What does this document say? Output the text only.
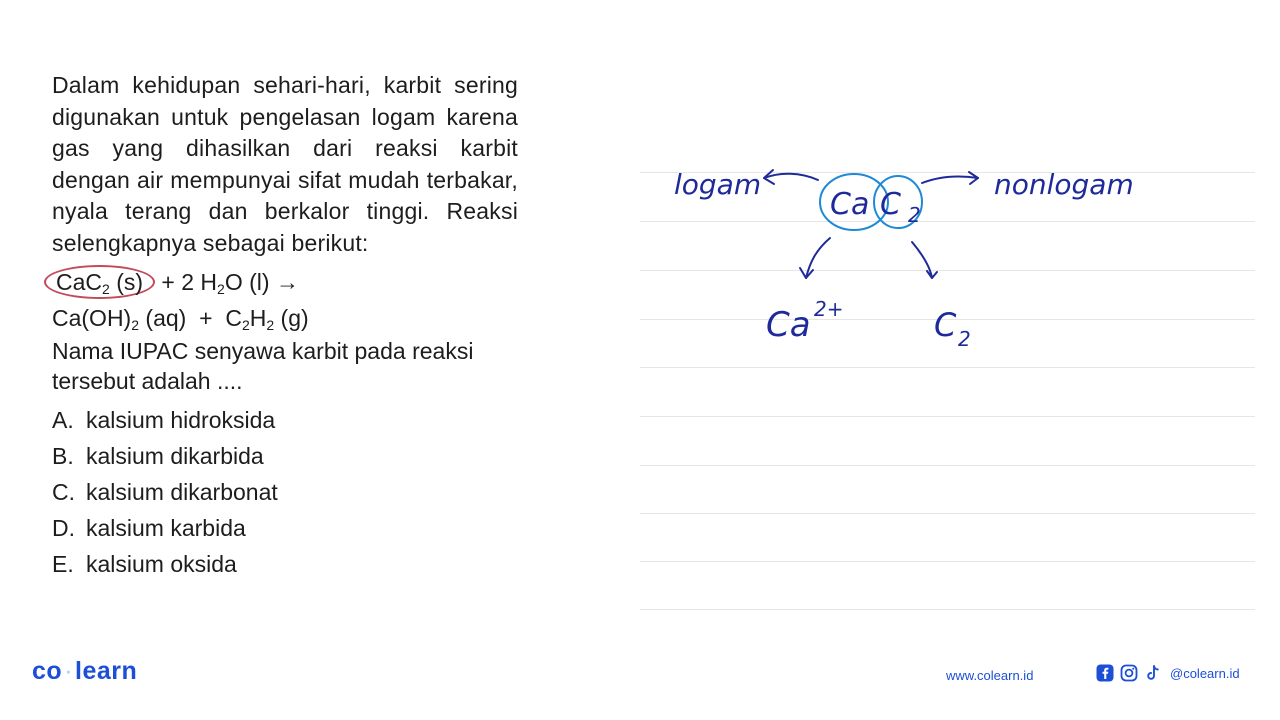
Dalam kehidupan sehari-hari, karbit sering digunakan untuk pengelasan logam karena gas yang dihasilkan dari reaksi karbit dengan air mempunyai sifat mudah terbakar, nyala terang dan berkalor tinggi. Reaksi selengkapnya sebagai berikut:

CaC$_2$ (s) + 2 $H_2O$ (l) →
$Ca(OH)_2$ $(aq) + C_2H_2$ (g)

Nama IUPAC senyawa karbit pada reaksi tersebut adalah ....

A. kalsium hidroksida
B. kalsium dikarbida
C. kalsium dikarbonat
D. kalsium karbida
E. kalsium oksida
logam
Ca C 2
nonlogam
Ca 2+	C 2
co·learn	www.colearn.id	@colearn.id
